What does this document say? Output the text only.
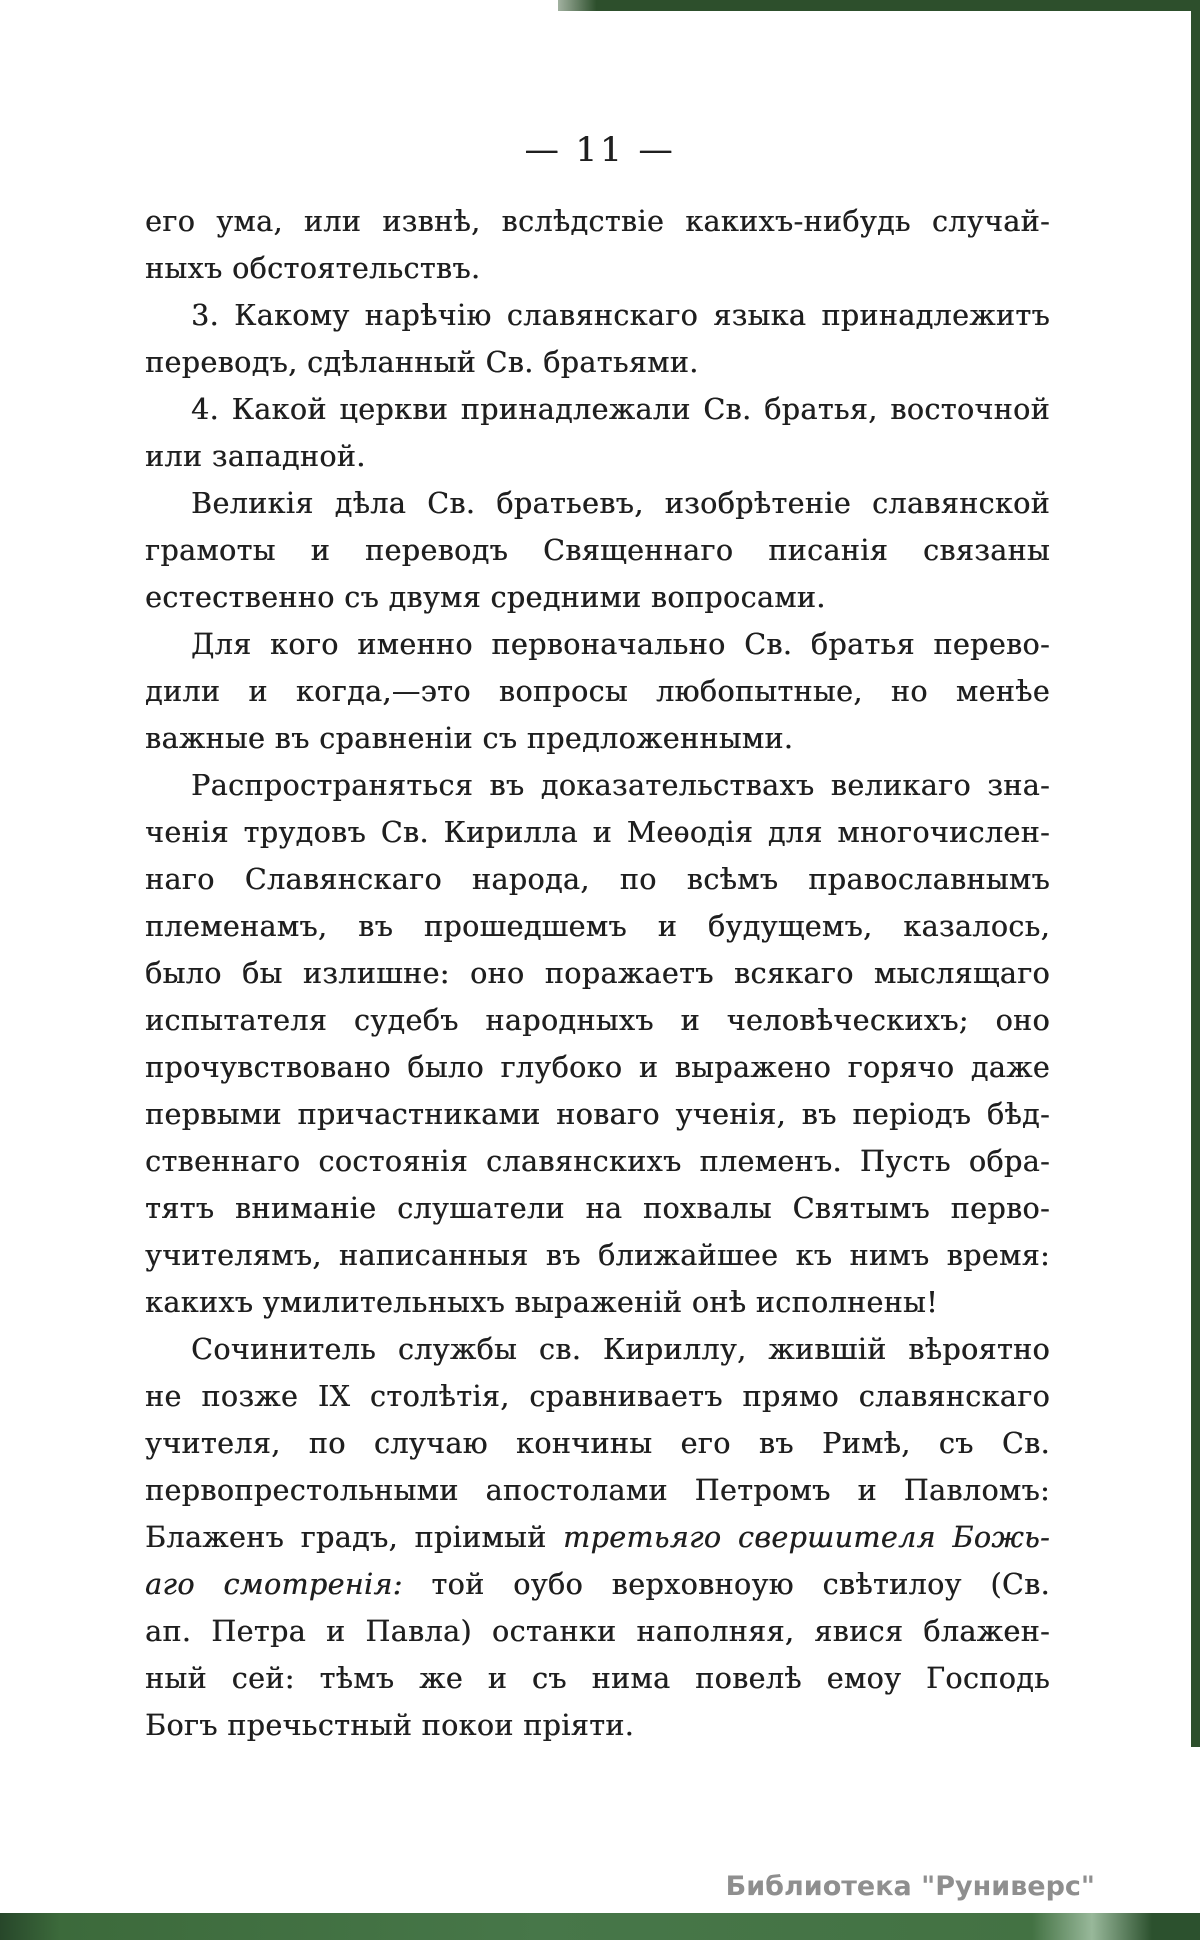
— 11 —
его ума, или извнѣ, вслѣдствіе какихъ-нибудь случай-
ныхъ обстоятельствъ.
3. Какому нарѣчію славянскаго языка принадлежитъ
переводъ, сдѣланный Св. братьями.
4. Какой церкви принадлежали Св. братья, восточной
или западной.
Великія дѣла Св. братьевъ, изобрѣтеніе славянской
грамоты и переводъ Священнаго писанія связаны
естественно съ двумя средними вопросами.
Для кого именно первоначально Св. братья перево-
дили и когда,—это вопросы любопытные, но менѣе
важные въ сравненіи съ предложенными.
Распространяться въ доказательствахъ великаго зна-
ченія трудовъ Св. Кирилла и Меѳодія для многочислен-
наго Славянскаго народа, по всѣмъ православнымъ
племенамъ, въ прошедшемъ и будущемъ, казалось,
было бы излишне: оно поражаетъ всякаго мыслящаго
испытателя судебъ народныхъ и человѣческихъ; оно
прочувствовано было глубоко и выражено горячо даже
первыми причастниками новаго ученія, въ періодъ бѣд-
ственнаго состоянія славянскихъ племенъ. Пусть обра-
тятъ вниманіе слушатели на похвалы Святымъ перво-
учителямъ, написанныя въ ближайшее къ нимъ время:
какихъ умилительныхъ выраженій онѣ исполнены!
Сочинитель службы св. Кириллу, жившій вѣроятно
не позже IX столѣтія, сравниваетъ прямо славянскаго
учителя, по случаю кончины его въ Римѣ, съ Св.
первопрестольными апостолами Петромъ и Павломъ:
Блаженъ градъ, пріимый третьяго свершителя Божь-
аго смотренія: той оубо верховноую свѣтилоу (Св.
ап. Петра и Павла) останки наполняя, явися блажен-
ный сей: тѣмъ же и съ нима повелѣ емоу Господь
Богъ пречьстный покои пріяти.
Библиотека "Руниверс"
